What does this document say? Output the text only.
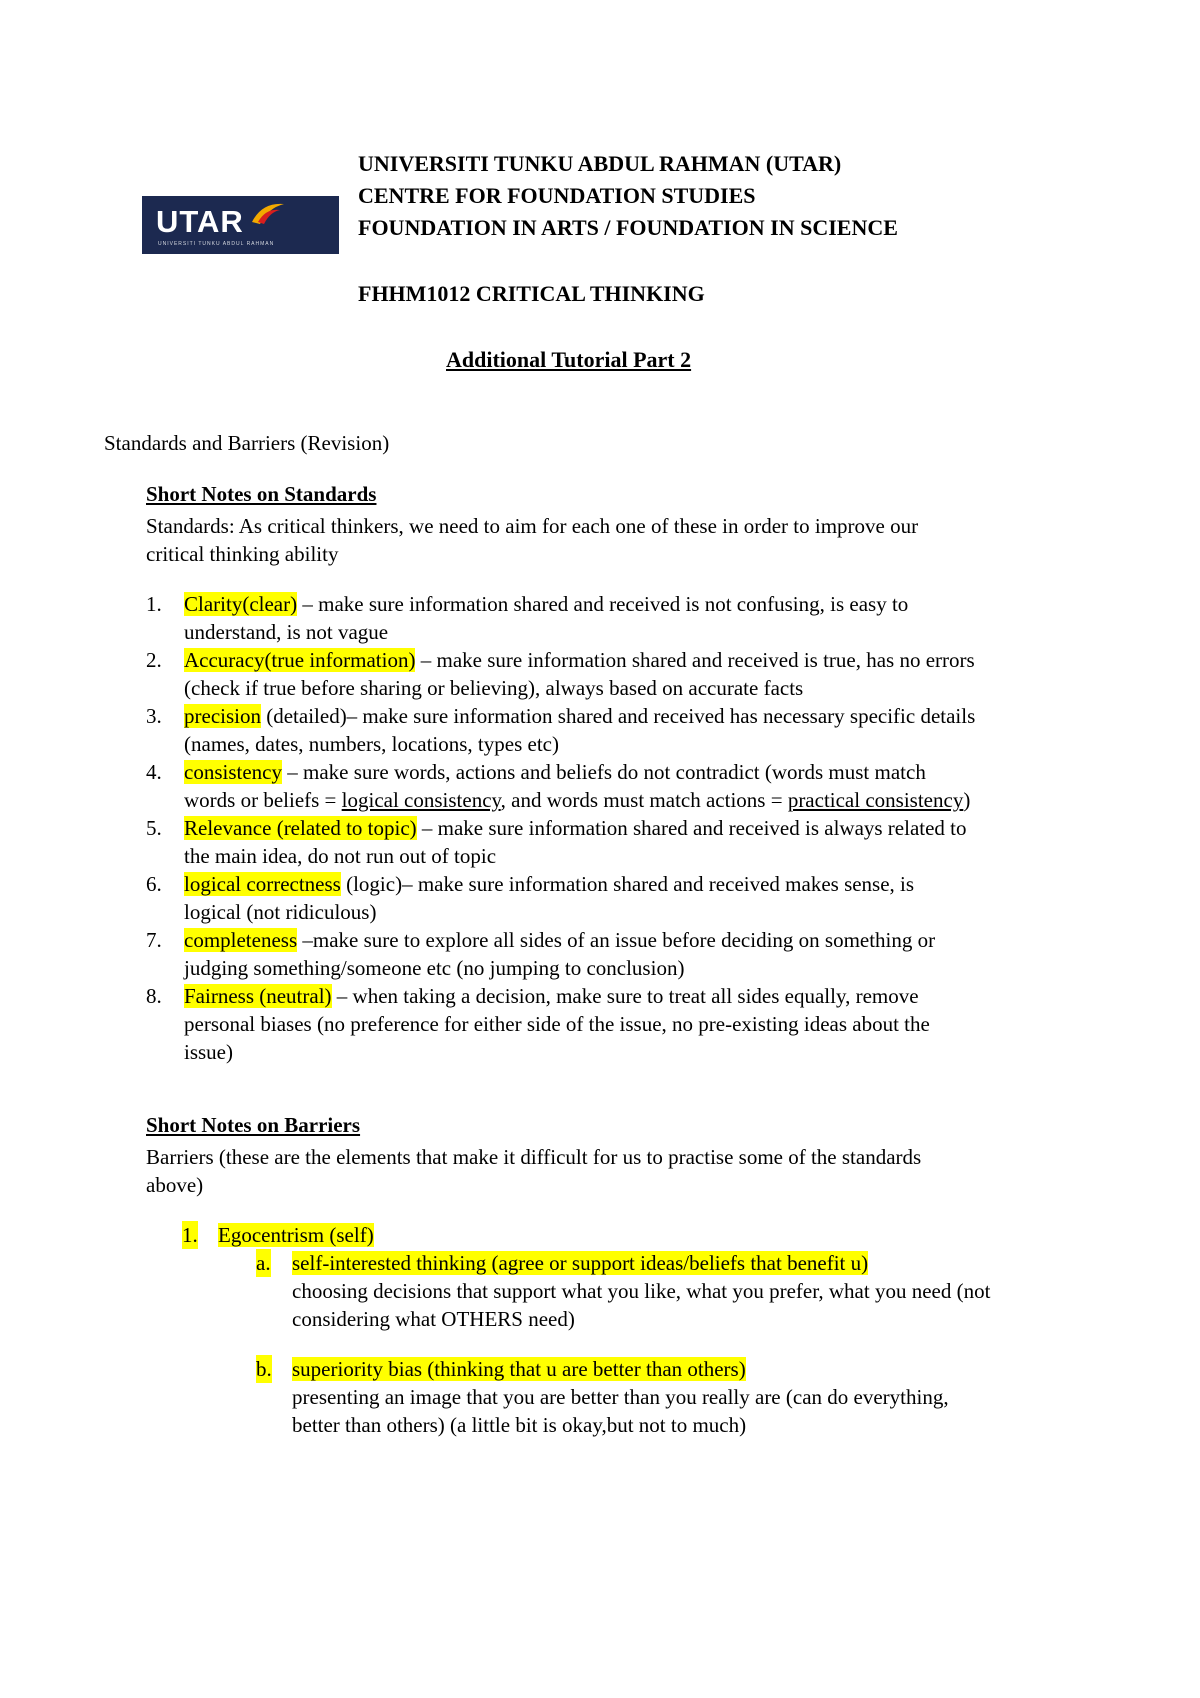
UTAR
UNIVERSITI TUNKU ABDUL RAHMAN
UNIVERSITI TUNKU ABDUL RAHMAN (UTAR)
CENTRE FOR FOUNDATION STUDIES
FOUNDATION IN ARTS / FOUNDATION IN SCIENCE
FHHM1012 CRITICAL THINKING
Additional Tutorial Part 2
Standards and Barriers (Revision)

Short Notes on Standards

Standards: As critical thinkers, we need to aim for each one of these in order to improve our

critical thinking ability

1. Clarity(clear) – make sure information shared and received is not confusing, is easy to
understand, is not vague
2. Accuracy(true information) – make sure information shared and received is true, has no errors
(check if true before sharing or believing), always based on accurate facts
3. precision (detailed)– make sure information shared and received has necessary specific details
(names, dates, numbers, locations, types etc)
4. consistency – make sure words, actions and beliefs do not contradict (words must match
words or beliefs = logical consistency, and words must match actions = practical consistency)
5. Relevance (related to topic) – make sure information shared and received is always related to
the main idea, do not run out of topic
6. logical correctness (logic)– make sure information shared and received makes sense, is
logical (not ridiculous)
7. completeness –make sure to explore all sides of an issue before deciding on something or
judging something/someone etc (no jumping to conclusion)
8. Fairness (neutral) – when taking a decision, make sure to treat all sides equally, remove
personal biases (no preference for either side of the issue, no pre-existing ideas about the
issue)

Short Notes on Barriers

Barriers (these are the elements that make it difficult for us to practise some of the standards

above)

1. Egocentrism (self)
a. self-interested thinking (agree or support ideas/beliefs that benefit u)
choosing decisions that support what you like, what you prefer, what you need (not
considering what OTHERS need)
b. superiority bias (thinking that u are better than others)
presenting an image that you are better than you really are (can do everything,
better than others) (a little bit is okay,but not to much)
